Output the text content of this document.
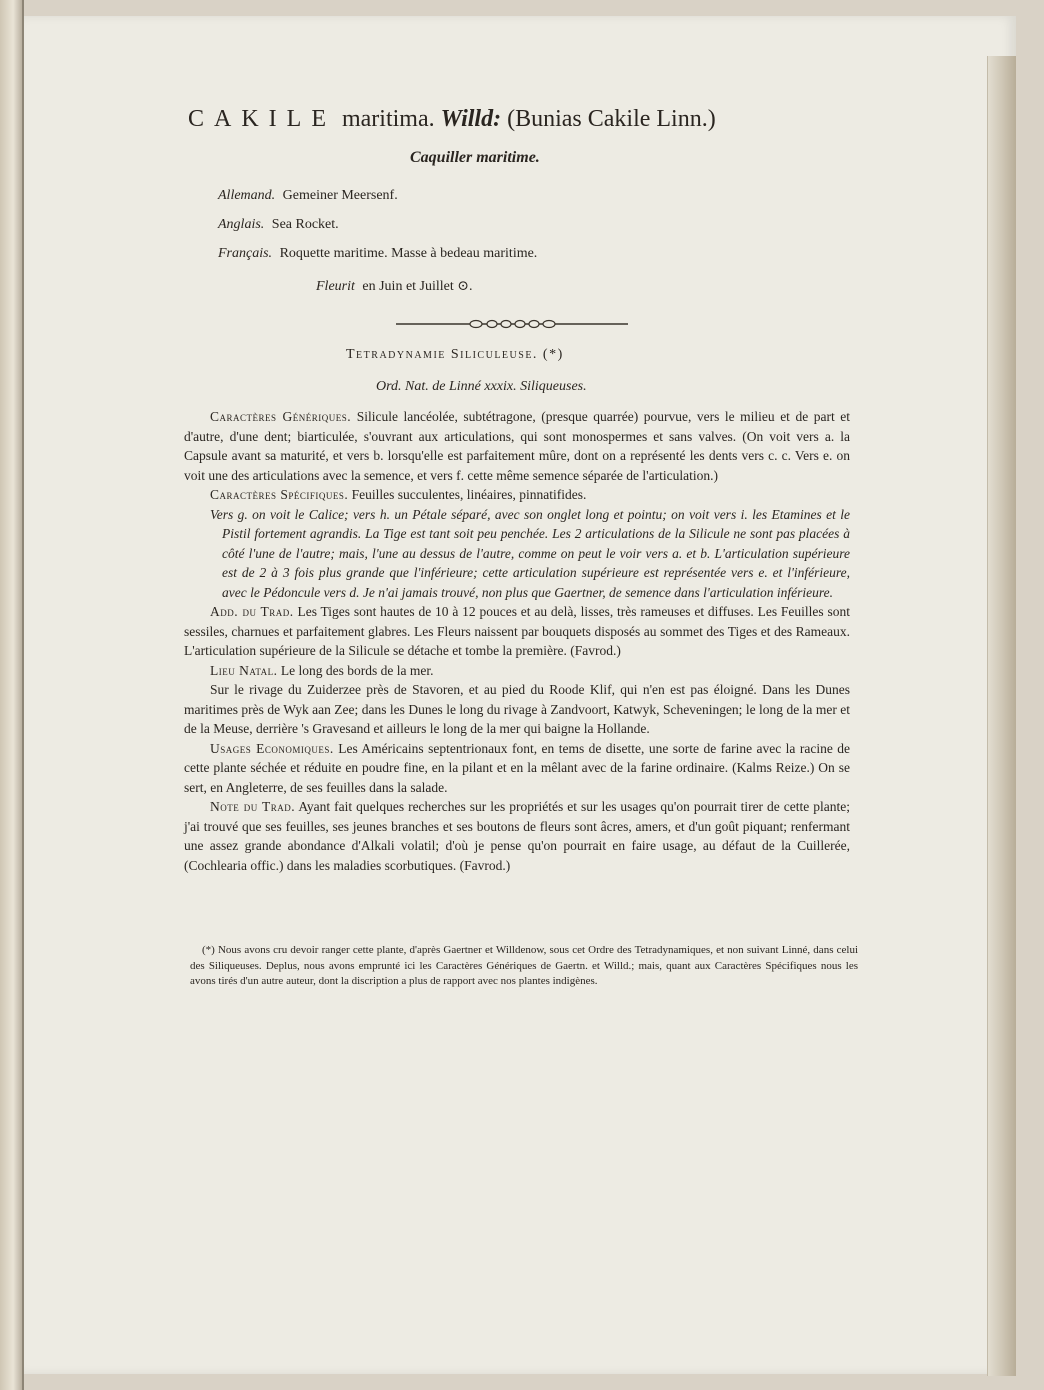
CAKILE maritima. Willd: (Bunias Cakile Linn.)
Caquiller maritime.
Allemand. Gemeiner Meersenf.
Anglais. Sea Rocket.
Français. Roquette maritime. Masse à bedeau maritime.
Fleurit en Juin et Juillet ⊙.
Tetradynamie Siliculeuse. (*)
Ord. Nat. de Linné xxxix. Siliqueuses.

Caractères Génériques. Silicule lancéolée, subtétragone, (presque quarrée) pourvue, vers le milieu et de part et d'autre, d'une dent; biarticulée, s'ouvrant aux articulations, qui sont monospermes et sans valves. (On voit vers a. la Capsule avant sa maturité, et vers b. lorsqu'elle est parfaitement mûre, dont on a représenté les dents vers c. c. Vers e. on voit une des articulations avec la semence, et vers f. cette même semence séparée de l'articulation.)

Caractères Spécifiques. Feuilles succulentes, linéaires, pinnatifides.

Vers g. on voit le Calice; vers h. un Pétale séparé, avec son onglet long et pointu; on voit vers i. les Etamines et le Pistil fortement agrandis. La Tige est tant soit peu penchée. Les 2 articulations de la Silicule ne sont pas placées à côté l'une de l'autre; mais, l'une au dessus de l'autre, comme on peut le voir vers a. et b. L'articulation supérieure est de 2 à 3 fois plus grande que l'inférieure; cette articulation supérieure est représentée vers e. et l'inférieure, avec le Pédoncule vers d. Je n'ai jamais trouvé, non plus que Gaertner, de semence dans l'articulation inférieure.

Add. du Trad. Les Tiges sont hautes de 10 à 12 pouces et au delà, lisses, très rameuses et diffuses. Les Feuilles sont sessiles, charnues et parfaitement glabres. Les Fleurs naissent par bouquets disposés au sommet des Tiges et des Rameaux. L'articulation supérieure de la Silicule se détache et tombe la première. (Favrod.)

Lieu Natal. Le long des bords de la mer.

Sur le rivage du Zuiderzee près de Stavoren, et au pied du Roode Klif, qui n'en est pas éloigné. Dans les Dunes maritimes près de Wyk aan Zee; dans les Dunes le long du rivage à Zandvoort, Katwyk, Scheveningen; le long de la mer et de la Meuse, derrière 's Gravesand et ailleurs le long de la mer qui baigne la Hollande.

Usages Economiques. Les Américains septentrionaux font, en tems de disette, une sorte de farine avec la racine de cette plante séchée et réduite en poudre fine, en la pilant et en la mêlant avec de la farine ordinaire. (Kalms Reize.) On se sert, en Angleterre, de ses feuilles dans la salade.

Note du Trad. Ayant fait quelques recherches sur les propriétés et sur les usages qu'on pourrait tirer de cette plante; j'ai trouvé que ses feuilles, ses jeunes branches et ses boutons de fleurs sont âcres, amers, et d'un goût piquant; renfermant une assez grande abondance d'Alkali volatil; d'où je pense qu'on pourrait en faire usage, au défaut de la Cuillerée, (Cochlearia offic.) dans les maladies scorbutiques. (Favrod.)

(*) Nous avons cru devoir ranger cette plante, d'après Gaertner et Willdenow, sous cet Ordre des Tetradynamiques, et non suivant Linné, dans celui des Siliqueuses. Deplus, nous avons emprunté ici les Caractères Génériques de Gaertn. et Willd.; mais, quant aux Caractères Spécifiques nous les avons tirés d'un autre auteur, dont la discription a plus de rapport avec nos plantes indigènes.
